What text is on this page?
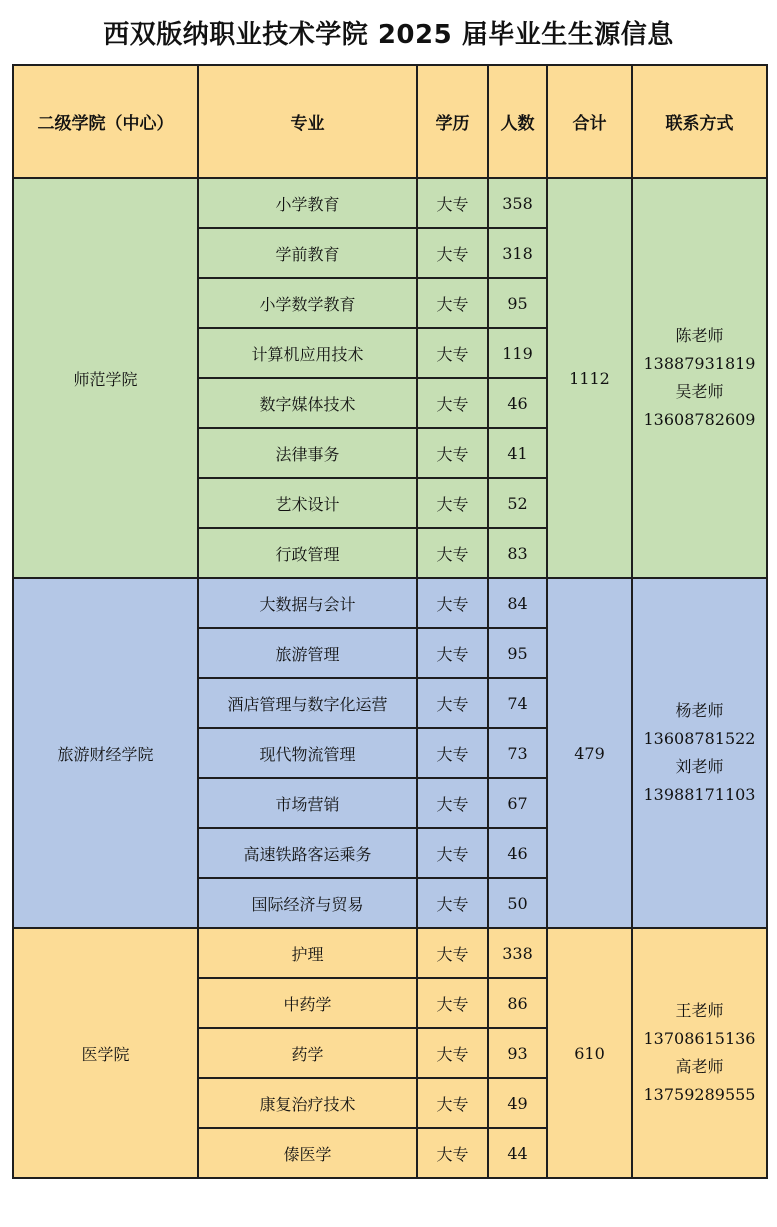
西双版纳职业技术学院 2025 届毕业生生源信息
二级学院（中心）	专业	学历	人数	合计	联系方式
师范学院	小学教育	大专	358	1112	陈老师
13887931819
吴老师
13608782609

	学前教育	大专	318		
	小学数学教育	大专	95		
	计算机应用技术	大专	119		
	数字媒体技术	大专	46		
	法律事务	大专	41		
	艺术设计	大专	52		
	行政管理	大专	83		
旅游财经学院	大数据与会计	大专	84	479	杨老师
13608781522
刘老师
13988171103

	旅游管理	大专	95		
	酒店管理与数字化运营	大专	74		
	现代物流管理	大专	73		
	市场营销	大专	67		
	高速铁路客运乘务	大专	46		
	国际经济与贸易	大专	50		
医学院	护理	大专	338	610	王老师
13708615136
高老师
13759289555

	中药学	大专	86		
	药学	大专	93		
	康复治疗技术	大专	49		
	傣医学	大专	44		
